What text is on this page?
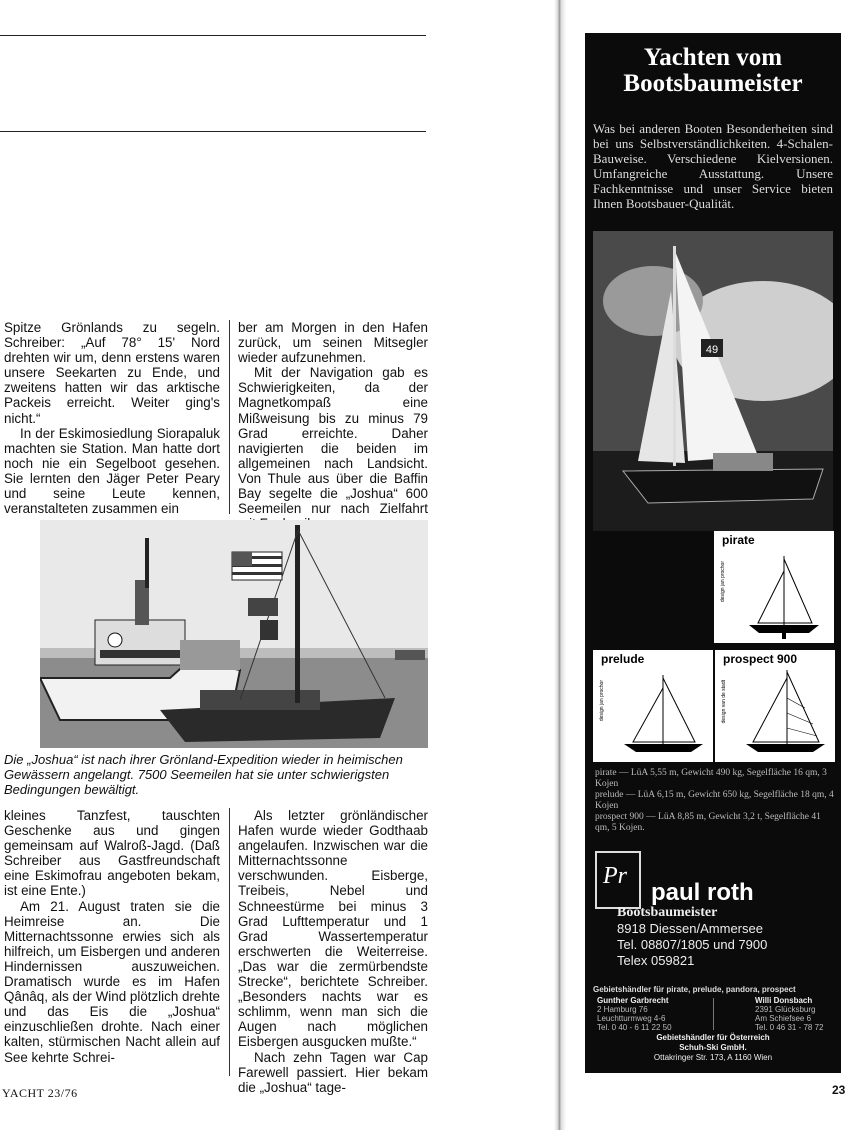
Spitze Grönlands zu segeln. Schreiber: „Auf 78° 15' Nord drehten wir um, denn erstens waren unsere Seekarten zu Ende, und zweitens hatten wir das arktische Packeis erreicht. Weiter ging's nicht.“

In der Eskimosiedlung Siorapaluk machten sie Station. Man hatte dort noch nie ein Segelboot gesehen. Sie lernten den Jäger Peter Peary und seine Leute kennen, veranstalteten zusammen ein

ber am Morgen in den Hafen zurück, um seinen Mitsegler wieder aufzunehmen.

Mit der Navigation gab es Schwierigkeiten, da der Magnetkompaß eine Mißweisung bis zu minus 79 Grad erreichte. Daher navigierten die beiden im allgemeinen nach Landsicht. Von Thule aus über die Baffin Bay segelte die „Joshua“ 600 Seemeilen nur nach Zielfahrt

Die „Joshua“ ist nach ihrer Grönland-Expedition wieder in heimischen Gewässern angelangt. 7500 Seemeilen hat sie unter schwierigsten Bedingungen bewältigt.

kleines Tanzfest, tauschten Geschenke aus und gingen gemeinsam auf Walroß-Jagd. (Daß Schreiber aus Gastfreundschaft eine Eskimofrau angeboten bekam, ist eine Ente.)

Am 21. August traten sie die Heimreise an. Die Mitternachtssonne erwies sich als hilfreich, um Eisbergen und anderen Hindernissen auszuweichen. Dramatisch wurde es im Hafen Qânâq, als der Wind plötzlich drehte und das Eis die „Joshua“ einzuschließen drohte. Nach einer kalten, stürmischen Nacht allein auf See kehrte Schrei-

Als letzter grönländischer Hafen wurde wieder Godthaab angelaufen. Inzwischen war die Mitternachtssonne verschwunden. Eisberge, Treibeis, Nebel und Schneestürme bei minus 3 Grad Lufttemperatur und 1 Grad Wassertemperatur erschwerten die Weiterreise. „Das war die zermürbendste Strecke“, berichtete Schreiber. „Besonders nachts war es schlimm, wenn man sich die Augen nach möglichen Eisbergen ausgucken mußte.“

Nach zehn Tagen war Cap Farewell passiert. Hier bekam die „Joshua“ tage-

YACHT 23/76	23
Yachten vom Bootsbaumeister
Was bei anderen Booten Besonderheiten sind bei uns Selbstverständlichkeiten. 4-Schalen-Bauweise. Verschiedene Kielversionen. Umfangreiche Ausstattung. Unsere Fachkenntnisse und unser Service bieten Ihnen Bootsbauer-Qualität.
49
pirate
design jan prochor
prelude
design jan prochor
prospect 900
design van de stadt
pirate — LüA 5,55 m, Gewicht 490 kg, Segelfläche 16 qm, 3 Kojen
prelude — LüA 6,15 m, Gewicht 650 kg, Segelfläche 18 qm, 4 Kojen
prospect 900 — LüA 8,85 m, Gewicht 3,2 t, Segelfläche 41 qm, 5 Kojen.
Pr
paul roth
Bootsbaumeister
8918 Diessen/Ammersee
Tel. 08807/1805 und 7900
Telex 059821
Gebietshändler für pirate, prelude, pandora, prospect
Gunther Garbrecht
2 Hamburg 76
Leuchtturmweg 4-6
Tel. 0 40 - 6 11 22 50
Willi Donsbach
2391 Glücksburg
Am Schiefsee 6
Tel. 0 46 31 - 78 72
Gebietshändler für Österreich
Schuh-Ski GmbH.
Ottakringer Str. 173, A 1160 Wien
